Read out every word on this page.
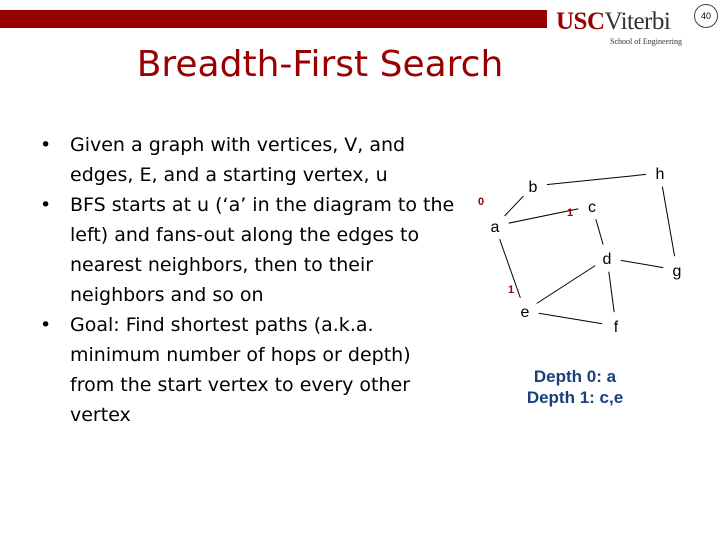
USCViterbi
School of Engineering
40
Breadth-First Search
• Given a graph with vertices, V, and edges, E, and a starting vertex, u
• BFS starts at u (‘a’ in the diagram to the left) and fans-out along the edges to nearest neighbors, then to their neighbors and so on
• Goal: Find shortest paths (a.k.a. minimum number of hops or depth) from the start vertex to every other vertex
a
0
b
c
1
d
e
1
f
g
h
Depth 0: a
Depth 1: c,e
